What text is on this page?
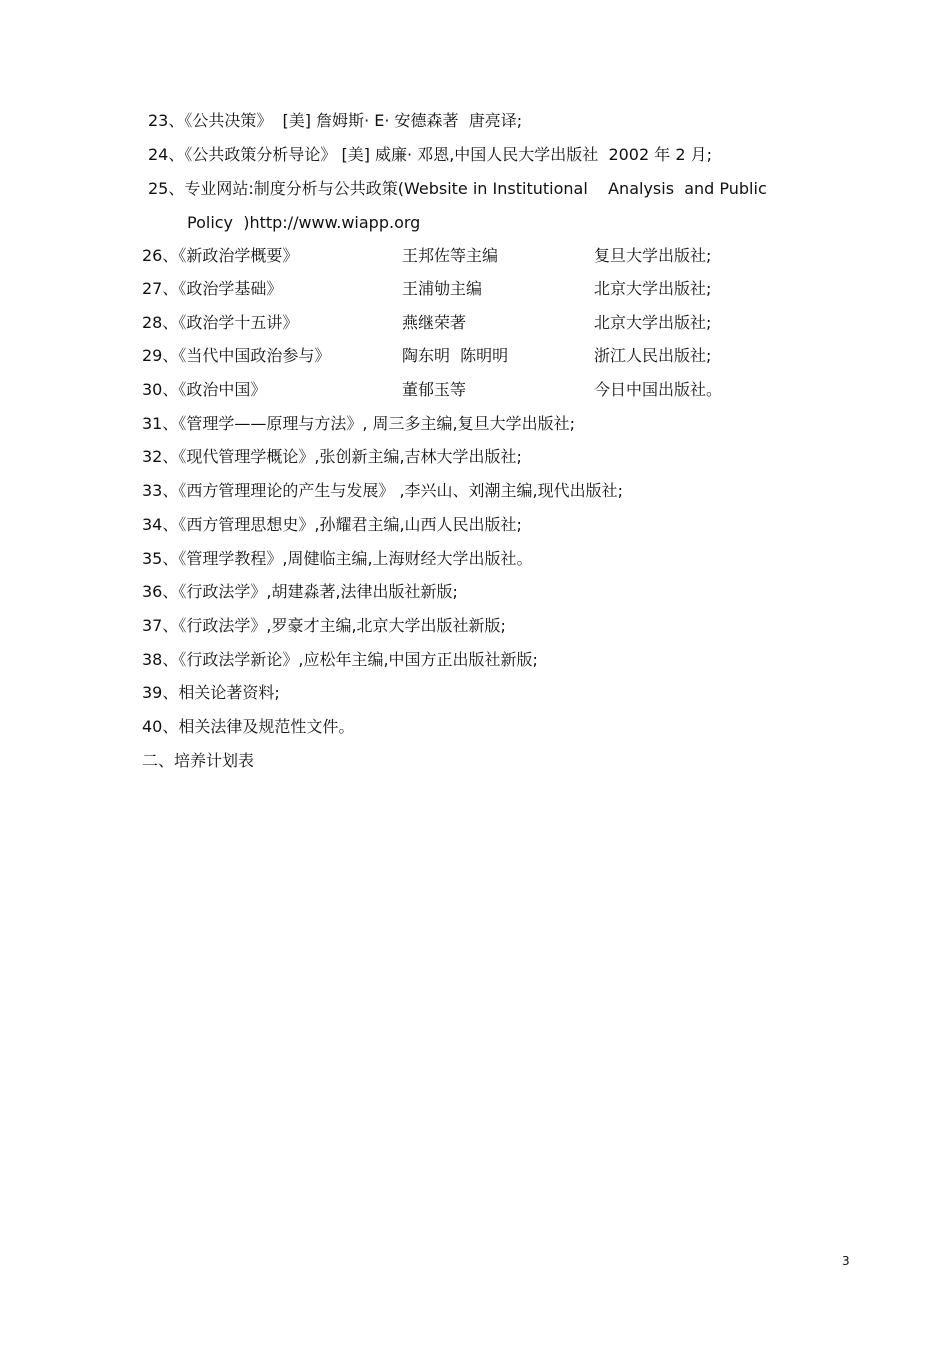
23、《公共决策》  [美] 詹姆斯· E· 安德森著  唐亮译;
24、《公共政策分析导论》 [美] 威廉· 邓恩,中国人民大学出版社  2002 年 2 月;
25、专业网站:制度分析与公共政策(Website in Institutional    Analysis  and Public
Policy  )http://www.wiapp.org
26、《新政治学概要》	王邦佐等主编	复旦大学出版社;
27、《政治学基础》	王浦劬主编	北京大学出版社;
28、《政治学十五讲》	燕继荣著	北京大学出版社;
29、《当代中国政治参与》	陶东明  陈明明	浙江人民出版社;
30、《政治中国》	董郁玉等	今日中国出版社。
31、《管理学——原理与方法》, 周三多主编,复旦大学出版社;
32、《现代管理学概论》,张创新主编,吉林大学出版社;
33、《西方管理理论的产生与发展》 ,李兴山、刘潮主编,现代出版社;
34、《西方管理思想史》,孙耀君主编,山西人民出版社;
35、《管理学教程》,周健临主编,上海财经大学出版社。
36、《行政法学》,胡建淼著,法律出版社新版;
37、《行政法学》,罗豪才主编,北京大学出版社新版;
38、《行政法学新论》,应松年主编,中国方正出版社新版;
39、相关论著资料;
40、相关法律及规范性文件。
二、培养计划表
3
